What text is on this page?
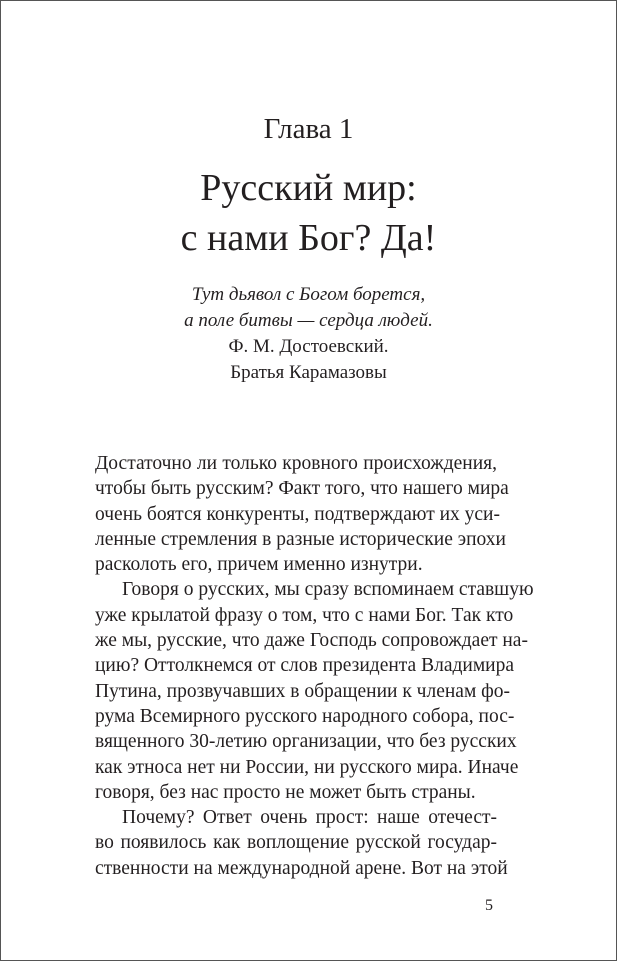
Глава 1
Русский мир:
с нами Бог? Да!
Тут дьявол с Богом борется,
а поле битвы — сердца людей.
Ф. М. Достоевский.
Братья Карамазовы
Достаточно ли только кровного происхождения,
чтобы быть русским? Факт того, что нашего мира
очень боятся конкуренты, подтверждают их уси-
ленные стремления в разные исторические эпохи
расколоть его, причем именно изнутри.
Говоря о русских, мы сразу вспоминаем ставшую
уже крылатой фразу о том, что с нами Бог. Так кто
же мы, русские, что даже Господь сопровождает на-
цию? Оттолкнемся от слов президента Владимира
Путина, прозвучавших в обращении к членам фо-
рума Всемирного русского народного собора, пос-
вященного 30-летию организации, что без русских
как этноса нет ни России, ни русского мира. Иначе
говоря, без нас просто не может быть страны.
Почему? Ответ очень прост: наше отечест-
во появилось как воплощение русской государ-
ственности на международной арене. Вот на этой
5
